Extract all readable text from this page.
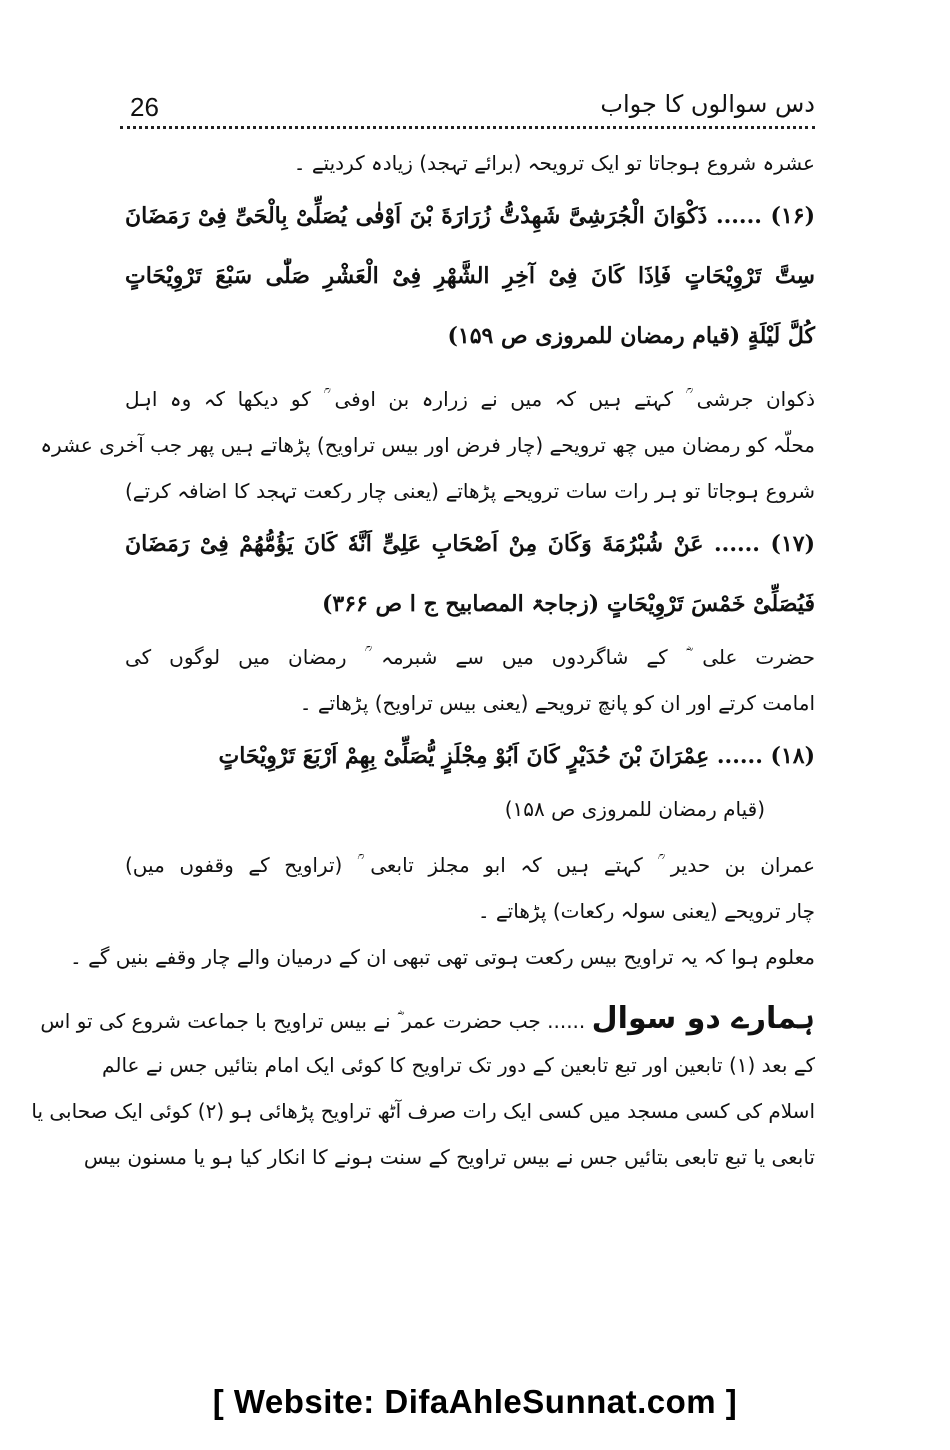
26	دس سوالوں کا جواب
عشرہ شروع ہوجاتا تو ایک ترویحہ (برائے تہجد) زیادہ کردیتے ۔
(۱۶) ...... ذَکْوَانَ الْجُرَشِیَّ شَهِدْتُّ زُرَارَةَ بْنَ اَوْفٰی یُصَلِّیْ بِالْحَیِّ فِیْ رَمَضَانَ
سِتَّ تَرْوِیْحَاتٍ فَاِذَا کَانَ فِیْ آخِرِ الشَّهْرِ فِیْ الْعَشْرِ صَلّٰی سَبْعَ تَرْوِیْحَاتٍ
کُلَّ لَیْلَةٍ (قیام رمضان للمروزی ص ۱۵۹)
ذکوان جرشی ؒ کہتے ہیں کہ میں نے زرارہ بن اوفی ؒ کو دیکھا کہ وہ اہل
محلّہ کو رمضان میں چھ ترویحے (چار فرض اور بیس تراویح) پڑھاتے ہیں پھر جب آخری عشرہ
شروع ہوجاتا تو ہر رات سات ترویحے پڑھاتے (یعنی چار رکعت تہجد کا اضافہ کرتے)
(۱۷) ...... عَنْ شُبْرُمَةَ وَکَانَ مِنْ اَصْحَابِ عَلِیٍّ اَنَّهٗ کَانَ یَؤُمُّهُمْ فِیْ رَمَضَانَ
فَیُصَلِّیْ خَمْسَ تَرْوِیْحَاتٍ (زجاجۃ المصابیح ج ا ص ۳۶۶)
حضرت علی ؓ کے شاگردوں میں سے شبرمہ ؒ رمضان میں لوگوں کی
امامت کرتے اور ان کو پانچ ترویحے (یعنی بیس تراویح) پڑھاتے ۔
(۱۸) ...... عِمْرَانَ بْنَ حُدَیْرٍ کَانَ اَبُوْ مِجْلَزٍ یُّصَلِّیْ بِهِمْ اَرْبَعَ تَرْوِیْحَاتٍ
(قیام رمضان للمروزی ص ۱۵۸)
عمران بن حدیر ؒ کہتے ہیں کہ ابو مجلز تابعی ؒ (تراویح کے وقفوں میں)
چار ترویحے (یعنی سولہ رکعات) پڑھاتے ۔
معلوم ہوا کہ یہ تراویح بیس رکعت ہوتی تھی تبھی ان کے درمیان والے چار وقفے بنیں گے ۔
ہمارے دو سوال ...... جب حضرت عمر ؓ نے بیس تراویح با جماعت شروع کی تو اس
کے بعد (۱) تابعین اور تبع تابعین کے دور تک تراویح کا کوئی ایک امام بتائیں جس نے عالم
اسلام کی کسی مسجد میں کسی ایک رات صرف آٹھ تراویح پڑھائی ہو (۲) کوئی ایک صحابی یا
تابعی یا تبع تابعی بتائیں جس نے بیس تراویح کے سنت ہونے کا انکار کیا ہو یا مسنون بیس
[ Website: DifaAhleSunnat.com ]
